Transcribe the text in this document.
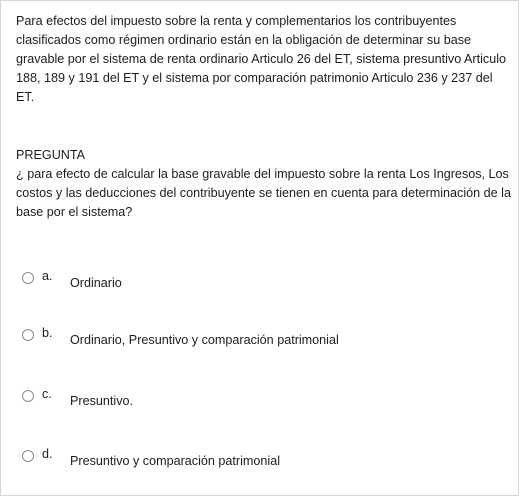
Para efectos del impuesto sobre la renta y complementarios los contribuyentes clasificados como régimen ordinario están en la obligación de determinar su base gravable por el sistema de renta ordinario Articulo 26 del ET, sistema presuntivo Articulo 188, 189 y 191 del ET y el sistema por comparación patrimonio Articulo 236 y 237 del ET.

PREGUNTA

¿ para efecto de calcular la base gravable del impuesto sobre la renta Los Ingresos, Los costos y las deducciones del contribuyente se tienen en cuenta para determinación de la base por el sistema?

a. Ordinario
b. Ordinario, Presuntivo y comparación patrimonial
c. Presuntivo.
d. Presuntivo y comparación patrimonial
